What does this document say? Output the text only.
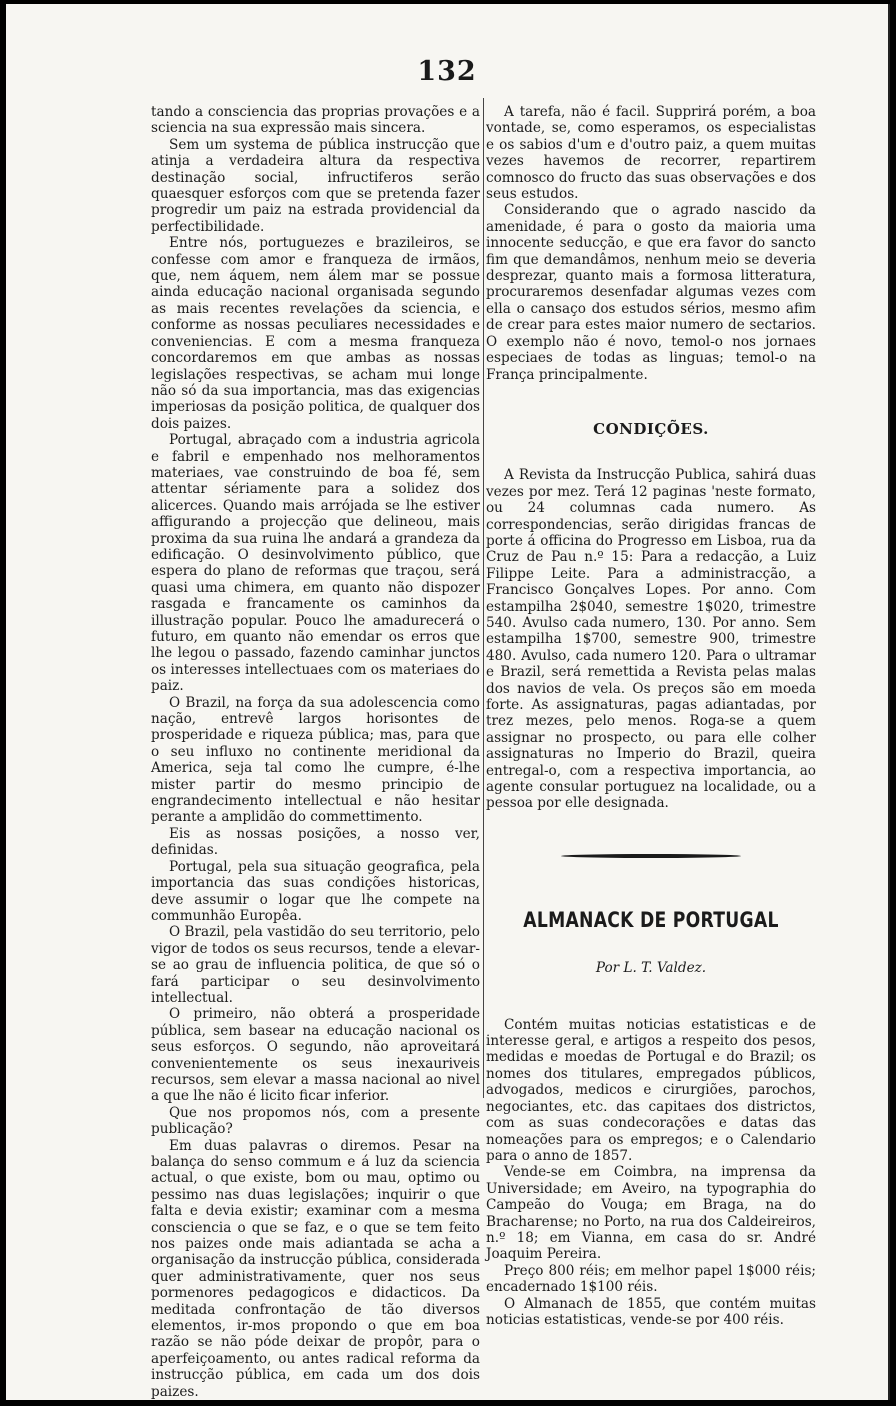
132

tando a consciencia das proprias provações e a sciencia na sua expressão mais sincera.

Sem um systema de pública instrucção que atinja a verdadeira altura da respectiva destinação social, infructiferos serão quaesquer esforços com que se pretenda fazer progredir um paiz na estrada providencial da perfectibilidade.

Entre nós, portuguezes e brazileiros, se confesse com amor e franqueza de irmãos, que, nem áquem, nem álem mar se possue ainda educação nacional organisada segundo as mais recentes revelações da sciencia, e conforme as nossas peculiares necessidades e conveniencias. E com a mesma franqueza concordaremos em que ambas as nossas legislações respectivas, se acham mui longe não só da sua importancia, mas das exigencias imperiosas da posição politica, de qualquer dos dois paizes.

Portugal, abraçado com a industria agricola e fabril e empenhado nos melhoramentos materiaes, vae construindo de boa fé, sem attentar sériamente para a solidez dos alicerces. Quando mais arrójada se lhe estiver affigurando a projecção que delineou, mais proxima da sua ruina lhe andará a grandeza da edificação. O desinvolvimento público, que espera do plano de reformas que traçou, será quasi uma chimera, em quanto não dispozer rasgada e francamente os caminhos da illustração popular. Pouco lhe amadurecerá o futuro, em quanto não emendar os erros que lhe legou o passado, fazendo caminhar junctos os interesses intellectuaes com os materiaes do paiz.

O Brazil, na força da sua adolescencia como nação, entrevê largos horisontes de prosperidade e riqueza pública; mas, para que o seu influxo no continente meridional da America, seja tal como lhe cumpre, é-lhe mister partir do mesmo principio de engrandecimento intellectual e não hesitar perante a amplidão do commettimento.

Eis as nossas posições, a nosso ver, definidas.

Portugal, pela sua situação geografica, pela importancia das suas condições historicas, deve assumir o logar que lhe compete na communhão Europêa.

O Brazil, pela vastidão do seu territorio, pelo vigor de todos os seus recursos, tende a elevar-se ao grau de influencia politica, de que só o fará participar o seu desinvolvimento intellectual.

O primeiro, não obterá a prosperidade pública, sem basear na educação nacional os seus esforços. O segundo, não aproveitará convenientemente os seus inexauriveis recursos, sem elevar a massa nacional ao nivel a que lhe não é licito ficar inferior.

Que nos propomos nós, com a presente publicação?

Em duas palavras o diremos. Pesar na balança do senso commum e á luz da sciencia actual, o que existe, bom ou mau, optimo ou pessimo nas duas legislações; inquirir o que falta e devia existir; examinar com a mesma consciencia o que se faz, e o que se tem feito nos paizes onde mais adiantada se acha a organisação da instrucção pública, considerada quer administrativamente, quer nos seus pormenores pedagogicos e didacticos. Da meditada confrontação de tão diversos elementos, ir-mos propondo o que em boa razão se não póde deixar de propôr, para o aperfeiçoamento, ou antes radical reforma da instrucção pública, em cada um dos dois paizes.

A tarefa, não é facil. Supprirá porém, a boa vontade, se, como esperamos, os especialistas e os sabios d'um e d'outro paiz, a quem muitas vezes havemos de recorrer, repartirem comnosco do fructo das suas observações e dos seus estudos.

Considerando que o agrado nascido da amenidade, é para o gosto da maioria uma innocente seducção, e que era favor do sancto fim que demandâmos, nenhum meio se deveria desprezar, quanto mais a formosa litteratura, procuraremos desenfadar algumas vezes com ella o cansaço dos estudos sérios, mesmo afim de crear para estes maior numero de sectarios. O exemplo não é novo, temol-o nos jornaes especiaes de todas as linguas; temol-o na França principalmente.

CONDIÇÕES.

A Revista da Instrucção Publica, sahirá duas vezes por mez. Terá 12 paginas 'neste formato, ou 24 columnas cada numero. As correspondencias, serão dirigidas francas de porte á officina do Progresso em Lisboa, rua da Cruz de Pau n.º 15: Para a redacção, a Luiz Filippe Leite. Para a administracção, a Francisco Gonçalves Lopes. Por anno. Com estampilha 2$040, semestre 1$020, trimestre 540. Avulso cada numero, 130. Por anno. Sem estampilha 1$700, semestre 900, trimestre 480. Avulso, cada numero 120. Para o ultramar e Brazil, será remettida a Revista pelas malas dos navios de vela. Os preços são em moeda forte. As assignaturas, pagas adiantadas, por trez mezes, pelo menos. Roga-se a quem assignar no prospecto, ou para elle colher assignaturas no Imperio do Brazil, queira entregal-o, com a respectiva importancia, ao agente consular portuguez na localidade, ou a pessoa por elle designada.

ALMANACK DE PORTUGAL
Por L. T. Valdez.

Contém muitas noticias estatisticas e de interesse geral, e artigos a respeito dos pesos, medidas e moedas de Portugal e do Brazil; os nomes dos titulares, empregados públicos, advogados, medicos e cirurgiões, parochos, negociantes, etc. das capitaes dos districtos, com as suas condecorações e datas das nomeações para os empregos; e o Calendario para o anno de 1857.

Vende-se em Coimbra, na imprensa da Universidade; em Aveiro, na typographia do Campeão do Vouga; em Braga, na do Bracharense; no Porto, na rua dos Caldeireiros, n.º 18; em Vianna, em casa do sr. André Joaquim Pereira.

Preço 800 réis; em melhor papel 1$000 réis; encadernado 1$100 réis.

O Almanach de 1855, que contém muitas noticias estatisticas, vende-se por 400 réis.
